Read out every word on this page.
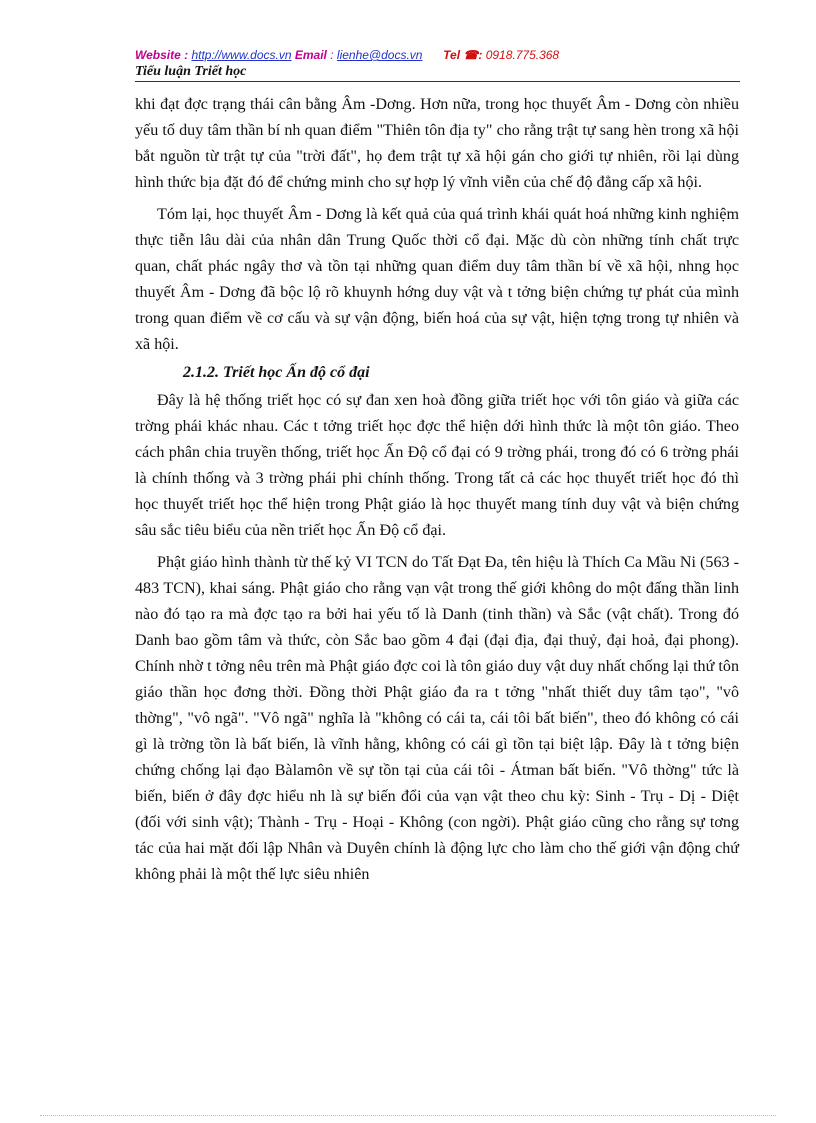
Website : http://www.docs.vn Email : lienhe@docs.vn Tel ☎: 0918.775.368
Tiểu luận Triết học

khi đạt đợc trạng thái cân bằng Âm -Dơng. Hơn nữa, trong học thuyết Âm - Dơng còn nhiều yếu tố duy tâm thần bí nh quan điểm "Thiên tôn địa ty" cho rằng trật tự sang hèn trong xã hội bắt nguồn từ trật tự của "trời đất", họ đem trật tự xã hội gán cho giới tự nhiên, rồi lại dùng hình thức bịa đặt đó để chứng minh cho sự hợp lý vĩnh viễn của chế độ đẳng cấp xã hội.

Tóm lại, học thuyết Âm - Dơng là kết quả của quá trình khái quát hoá những kinh nghiệm thực tiễn lâu dài của nhân dân Trung Quốc thời cổ đại. Mặc dù còn những tính chất trực quan, chất phác ngây thơ và tồn tại những quan điểm duy tâm thần bí về xã hội, nhng học thuyết Âm - Dơng đã bộc lộ rõ khuynh hớng duy vật và t tởng biện chứng tự phát của mình trong quan điểm về cơ cấu và sự vận động, biến hoá của sự vật, hiện tợng trong tự nhiên và xã hội.

2.1.2. Triết học Ấn độ cổ đại

Đây là hệ thống triết học có sự đan xen hoà đồng giữa triết học với tôn giáo và giữa các trờng phái khác nhau. Các t tởng triết học đợc thể hiện dới hình thức là một tôn giáo. Theo cách phân chia truyền thống, triết học Ấn Độ cổ đại có 9 trờng phái, trong đó có 6 trờng phái là chính thống và 3 trờng phái phi chính thống. Trong tất cả các học thuyết triết học đó thì học thuyết triết học thể hiện trong Phật giáo là học thuyết mang tính duy vật và biện chứng sâu sắc tiêu biểu của nền triết học Ấn Độ cổ đại.

Phật giáo hình thành từ thế kỷ VI TCN do Tất Đạt Đa, tên hiệu là Thích Ca Mầu Ni (563 - 483 TCN), khai sáng. Phật giáo cho rằng vạn vật trong thế giới không do một đấng thần linh nào đó tạo ra mà đợc tạo ra bởi hai yếu tố là Danh (tinh thần) và Sắc (vật chất). Trong đó Danh bao gồm tâm và thức, còn Sắc bao gồm 4 đại (đại địa, đại thuỷ, đại hoả, đại phong). Chính nhờ t tởng nêu trên mà Phật giáo đợc coi là tôn giáo duy vật duy nhất chống lại thứ tôn giáo thần học đơng thời. Đồng thời Phật giáo đa ra t tởng "nhất thiết duy tâm tạo", "vô thờng", "vô ngã". "Vô ngã" nghĩa là "không có cái ta, cái tôi bất biến", theo đó không có cái gì là trờng tồn là bất biến, là vĩnh hằng, không có cái gì tồn tại biệt lập. Đây là t tởng biện chứng chống lại đạo Bàlamôn về sự tồn tại của cái tôi - Átman bất biến. "Vô thờng" tức là biến, biến ở đây đợc hiểu nh là sự biến đổi của vạn vật theo chu kỳ: Sinh - Trụ - Dị - Diệt (đối với sinh vật); Thành - Trụ - Hoại - Không (con ngời). Phật giáo cũng cho rằng sự tơng tác của hai mặt đối lập Nhân và Duyên chính là động lực cho làm cho thế giới vận động chứ không phải là một thế lực siêu nhiên
